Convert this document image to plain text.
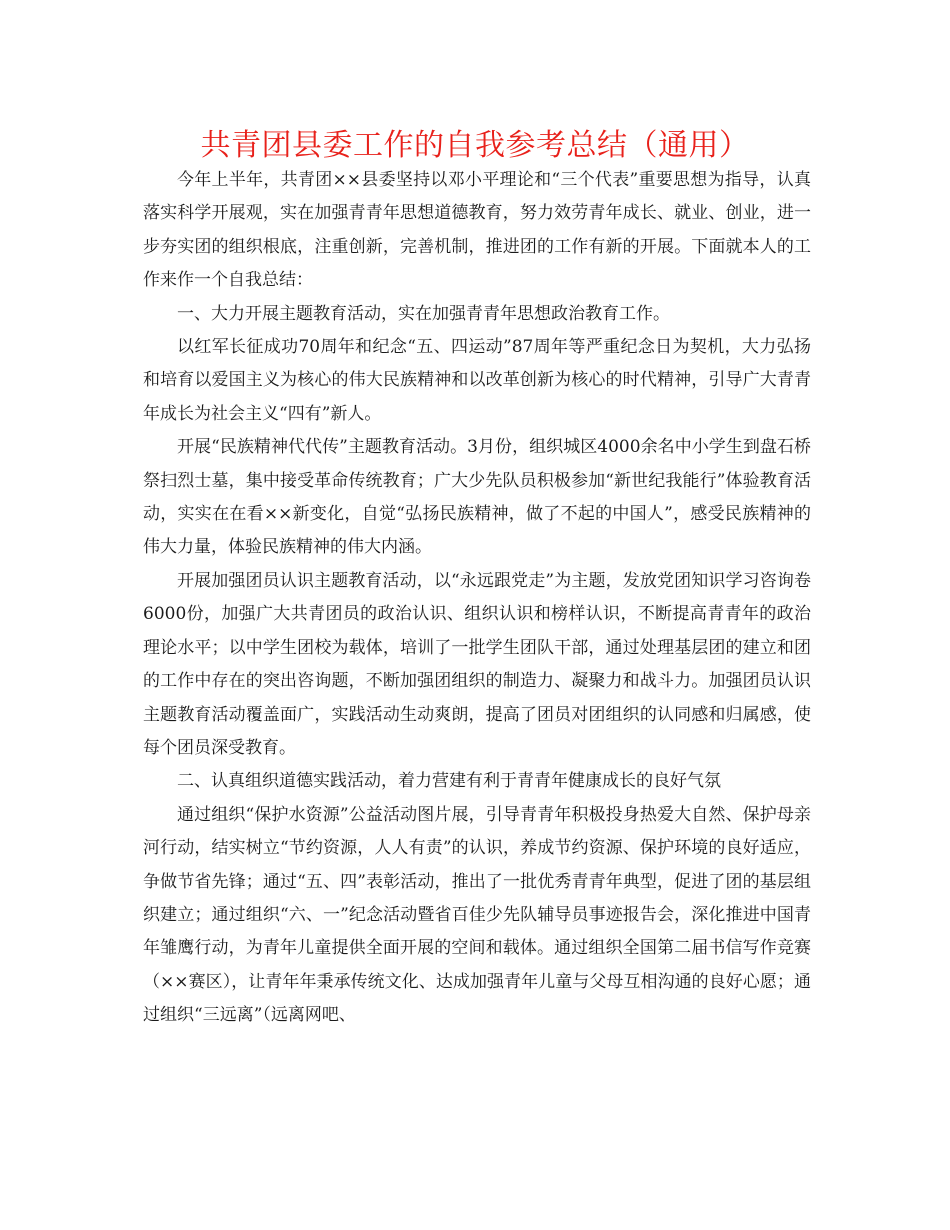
共青团县委工作的自我参考总结（通用）

今年上半年，共青团××县委坚持以邓小平理论和“三个代表”重要思想为指导，认真落实科学开展观，实在加强青青年思想道德教育，努力效劳青年成长、就业、创业，进一步夯实团的组织根底，注重创新，完善机制，推进团的工作有新的开展。下面就本人的工作来作一个自我总结：

一、大力开展主题教育活动，实在加强青青年思想政治教育工作。

以红军长征成功70周年和纪念“五、四运动”87周年等严重纪念日为契机，大力弘扬和培育以爱国主义为核心的伟大民族精神和以改革创新为核心的时代精神，引导广大青青年成长为社会主义“四有”新人。

开展“民族精神代代传”主题教育活动。3月份，组织城区4000余名中小学生到盘石桥祭扫烈士墓，集中接受革命传统教育；广大少先队员积极参加“新世纪我能行”体验教育活动，实实在在看××新变化，自觉“弘扬民族精神，做了不起的中国人”，感受民族精神的伟大力量，体验民族精神的伟大内涵。

开展加强团员认识主题教育活动，以“永远跟党走”为主题，发放党团知识学习咨询卷6000份，加强广大共青团员的政治认识、组织认识和榜样认识，不断提高青青年的政治理论水平；以中学生团校为载体，培训了一批学生团队干部，通过处理基层团的建立和团的工作中存在的突出咨询题，不断加强团组织的制造力、凝聚力和战斗力。加强团员认识主题教育活动覆盖面广，实践活动生动爽朗，提高了团员对团组织的认同感和归属感，使每个团员深受教育。

二、认真组织道德实践活动，着力营建有利于青青年健康成长的良好气氛

通过组织“保护水资源”公益活动图片展，引导青青年积极投身热爱大自然、保护母亲河行动，结实树立“节约资源，人人有责”的认识，养成节约资源、保护环境的良好适应，争做节省先锋；通过“五、四”表彰活动，推出了一批优秀青青年典型，促进了团的基层组织建立；通过组织“六、一”纪念活动暨省百佳少先队辅导员事迹报告会，深化推进中国青年雏鹰行动，为青年儿童提供全面开展的空间和载体。通过组织全国第二届书信写作竞赛（××赛区），让青年年秉承传统文化、达成加强青年儿童与父母互相沟通的良好心愿；通过组织“三远离”（远离网吧、
